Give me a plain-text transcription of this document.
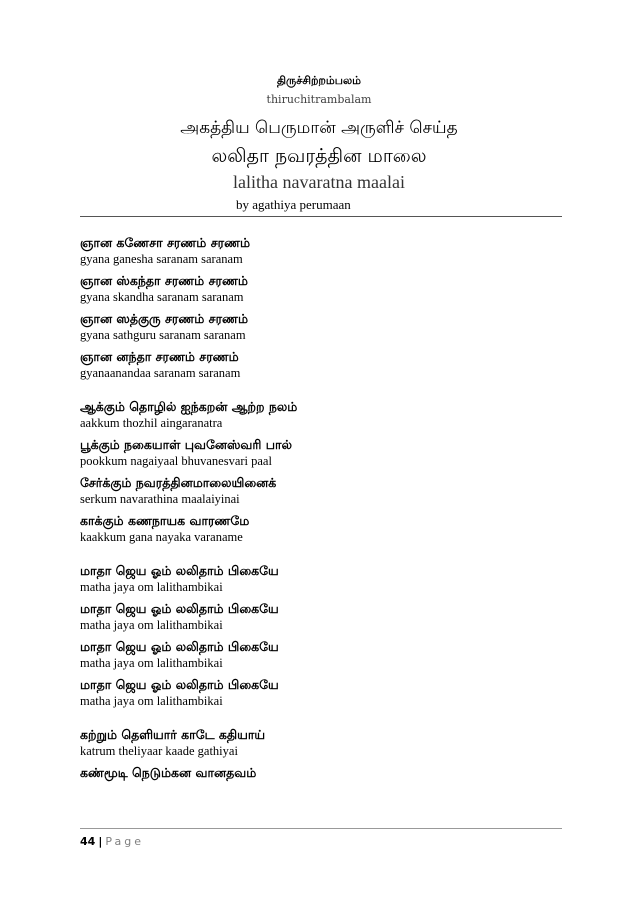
திருச்சிற்றம்பலம்
thiruchitrambalam
அகத்திய பெருமான் அருளிச் செய்த
லலிதா நவரத்தின மாலை
lalitha navaratna maalai
by agathiya perumaan
ஞான கணேசா சரணம் சரணம்
gyana ganesha saranam saranam
ஞான ஸ்கந்தா சரணம் சரணம்
gyana skandha saranam saranam
ஞான ஸத்குரு சரணம் சரணம்
gyana sathguru saranam saranam
ஞான னந்தா சரணம் சரணம்
gyanaanandaa saranam saranam
ஆக்கும் தொழில் ஐந்கறன் ஆற்ற நலம்
aakkum thozhil aingaranatra
பூக்கும் நகையாள் புவனேஸ்வரி பால்
pookkum nagaiyaal bhuvanesvari paal
சேர்க்கும் நவரத்தினமாலையினைக்
serkum navarathina maalaiyinai
காக்கும் கணநாயக வாரணமே
kaakkum gana nayaka varaname
மாதா ஜெய ஓம் லலிதாம் பிகையே
matha jaya om lalithambikai
மாதா ஜெய ஓம் லலிதாம் பிகையே
matha jaya om lalithambikai
மாதா ஜெய ஓம் லலிதாம் பிகையே
matha jaya om lalithambikai
மாதா ஜெய ஓம் லலிதாம் பிகையே
matha jaya om lalithambikai
கற்றும் தெளியார் காடே கதியாய்
katrum theliyaar kaade gathiyai
கண்மூடி நெடும்கன வானதவம்
44 | Page
